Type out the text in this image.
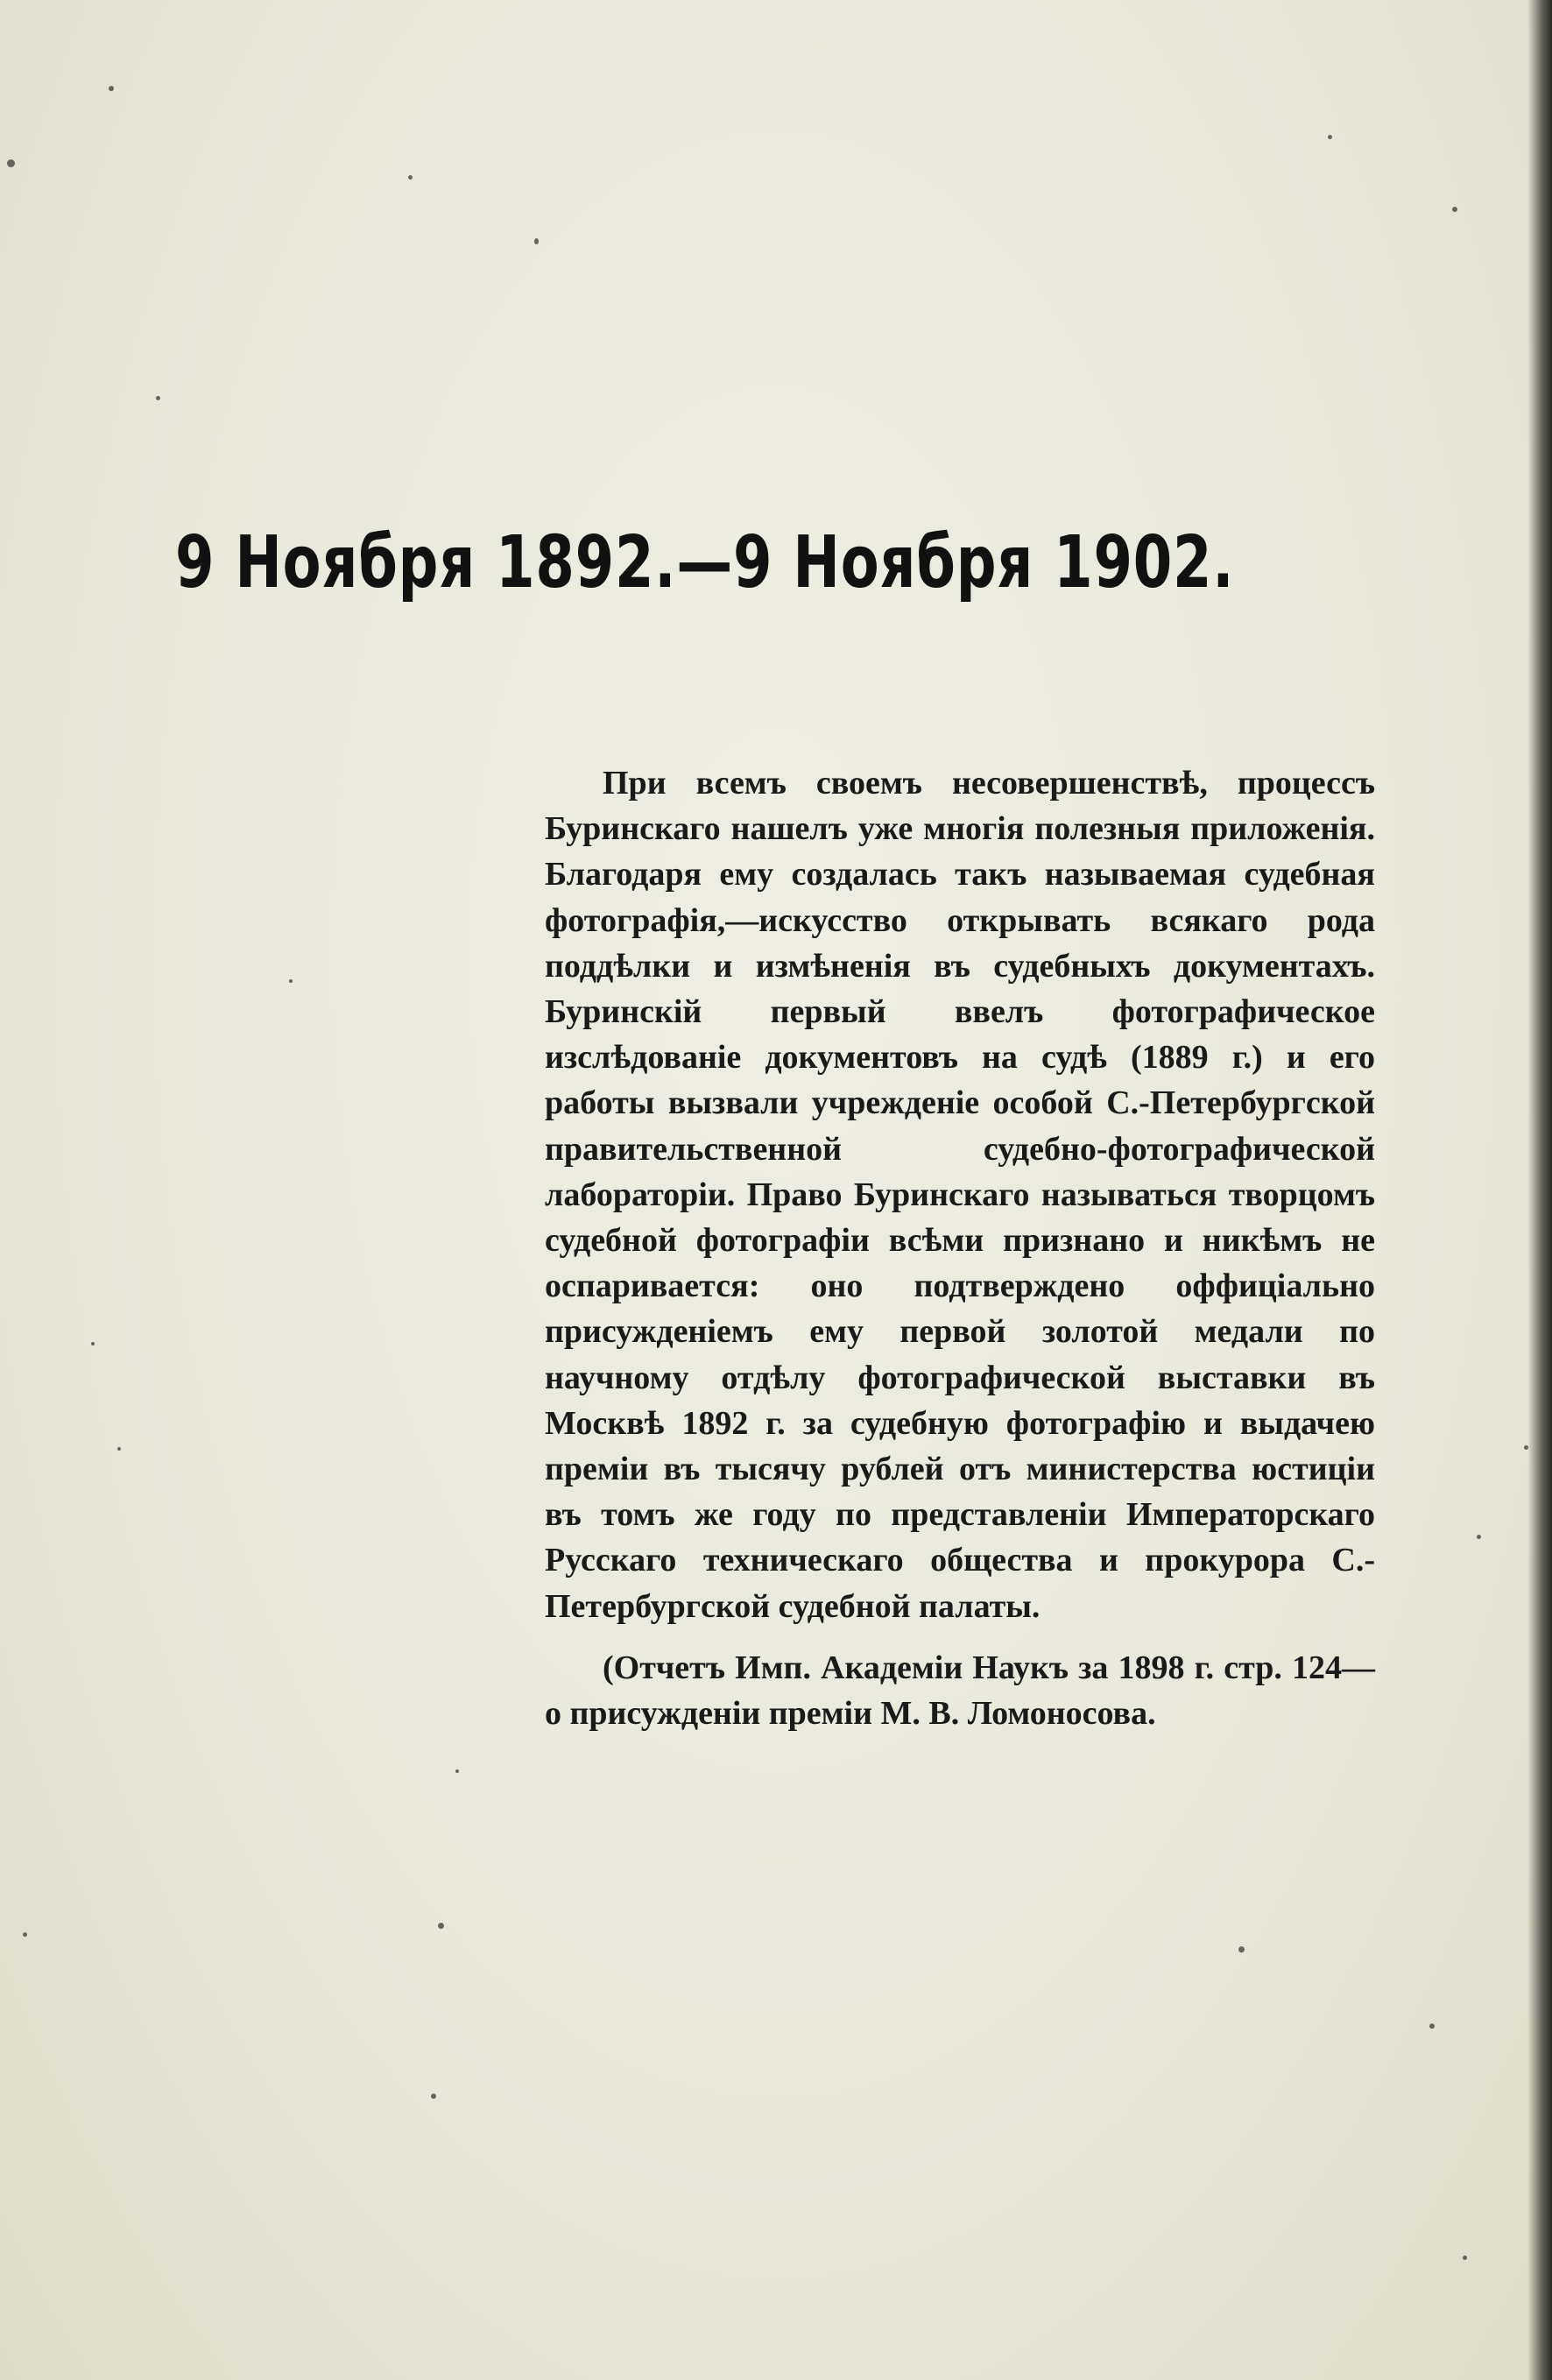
9 Ноября 1892.—9 Ноября 1902.

При всемъ своемъ несовершенствѣ, процессъ Буринскаго нашелъ уже многія полезныя приложенія. Благодаря ему создалась такъ называемая судебная фотографія,—искусство открывать всякаго рода поддѣлки и измѣненія въ судебныхъ документахъ. Буринскій первый ввелъ фотографическое изслѣдованіе документовъ на судѣ (1889 г.) и его работы вызвали учрежденіе особой С.-Петербургской правительственной судебно-фотографической лабораторіи. Право Буринскаго называться творцомъ судебной фотографіи всѣми признано и никѣмъ не оспаривается: оно подтверждено оффиціально присужденіемъ ему первой золотой медали по научному отдѣлу фотографической выставки въ Москвѣ 1892 г. за судебную фотографію и выдачею преміи въ тысячу рублей отъ министерства юстиціи въ томъ же году по представленіи Императорскаго Русскаго техническаго общества и прокурора С.-Петербургской судебной палаты.

(Отчетъ Имп. Академіи Наукъ за 1898 г. стр. 124—о присужденіи преміи М. В. Ломоносова.
